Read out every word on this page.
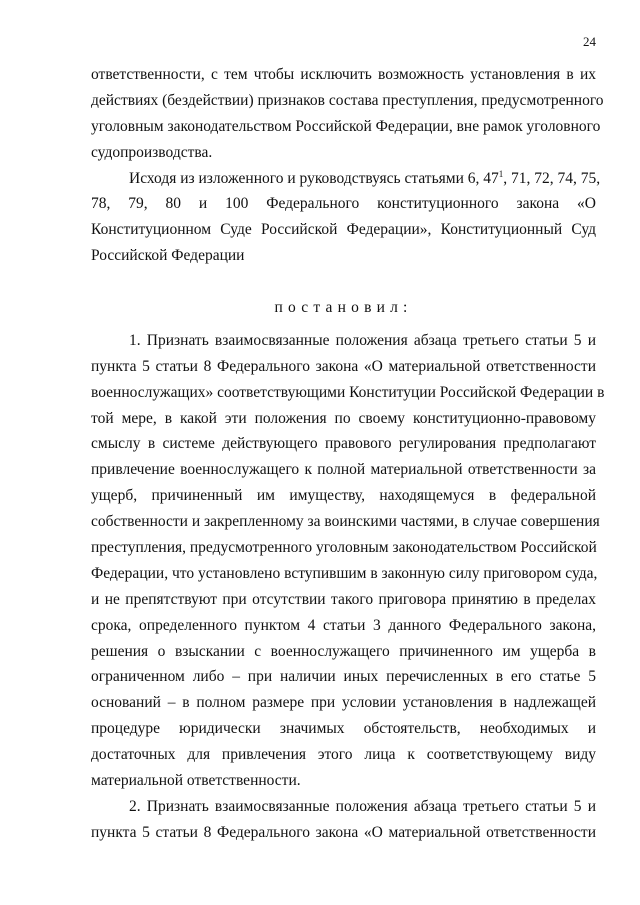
24
ответственности, с тем чтобы исключить возможность установления в их
действиях (бездействии) признаков состава преступления, предусмотренного
уголовным законодательством Российской Федерации, вне рамок уголовного
судопроизводства.
Исходя из изложенного и руководствуясь статьями 6, $47^1$, 71, 72, 74, 75,
78, 79, 80 и 100 Федерального конституционного закона «О
Конституционном Суде Российской Федерации», Конституционный Суд
Российской Федерации
постановил:
1. Признать взаимосвязанные положения абзаца третьего статьи 5 и
пункта 5 статьи 8 Федерального закона «О материальной ответственности
военнослужащих» соответствующими Конституции Российской Федерации в
той мере, в какой эти положения по своему конституционно-правовому
смыслу в системе действующего правового регулирования предполагают
привлечение военнослужащего к полной материальной ответственности за
ущерб, причиненный им имуществу, находящемуся в федеральной
собственности и закрепленному за воинскими частями, в случае совершения
преступления, предусмотренного уголовным законодательством Российской
Федерации, что установлено вступившим в законную силу приговором суда,
и не препятствуют при отсутствии такого приговора принятию в пределах
срока, определенного пунктом 4 статьи 3 данного Федерального закона,
решения о взыскании с военнослужащего причиненного им ущерба в
ограниченном либо – при наличии иных перечисленных в его статье 5
оснований – в полном размере при условии установления в надлежащей
процедуре юридически значимых обстоятельств, необходимых и
достаточных для привлечения этого лица к соответствующему виду
материальной ответственности.
2. Признать взаимосвязанные положения абзаца третьего статьи 5 и
пункта 5 статьи 8 Федерального закона «О материальной ответственности
